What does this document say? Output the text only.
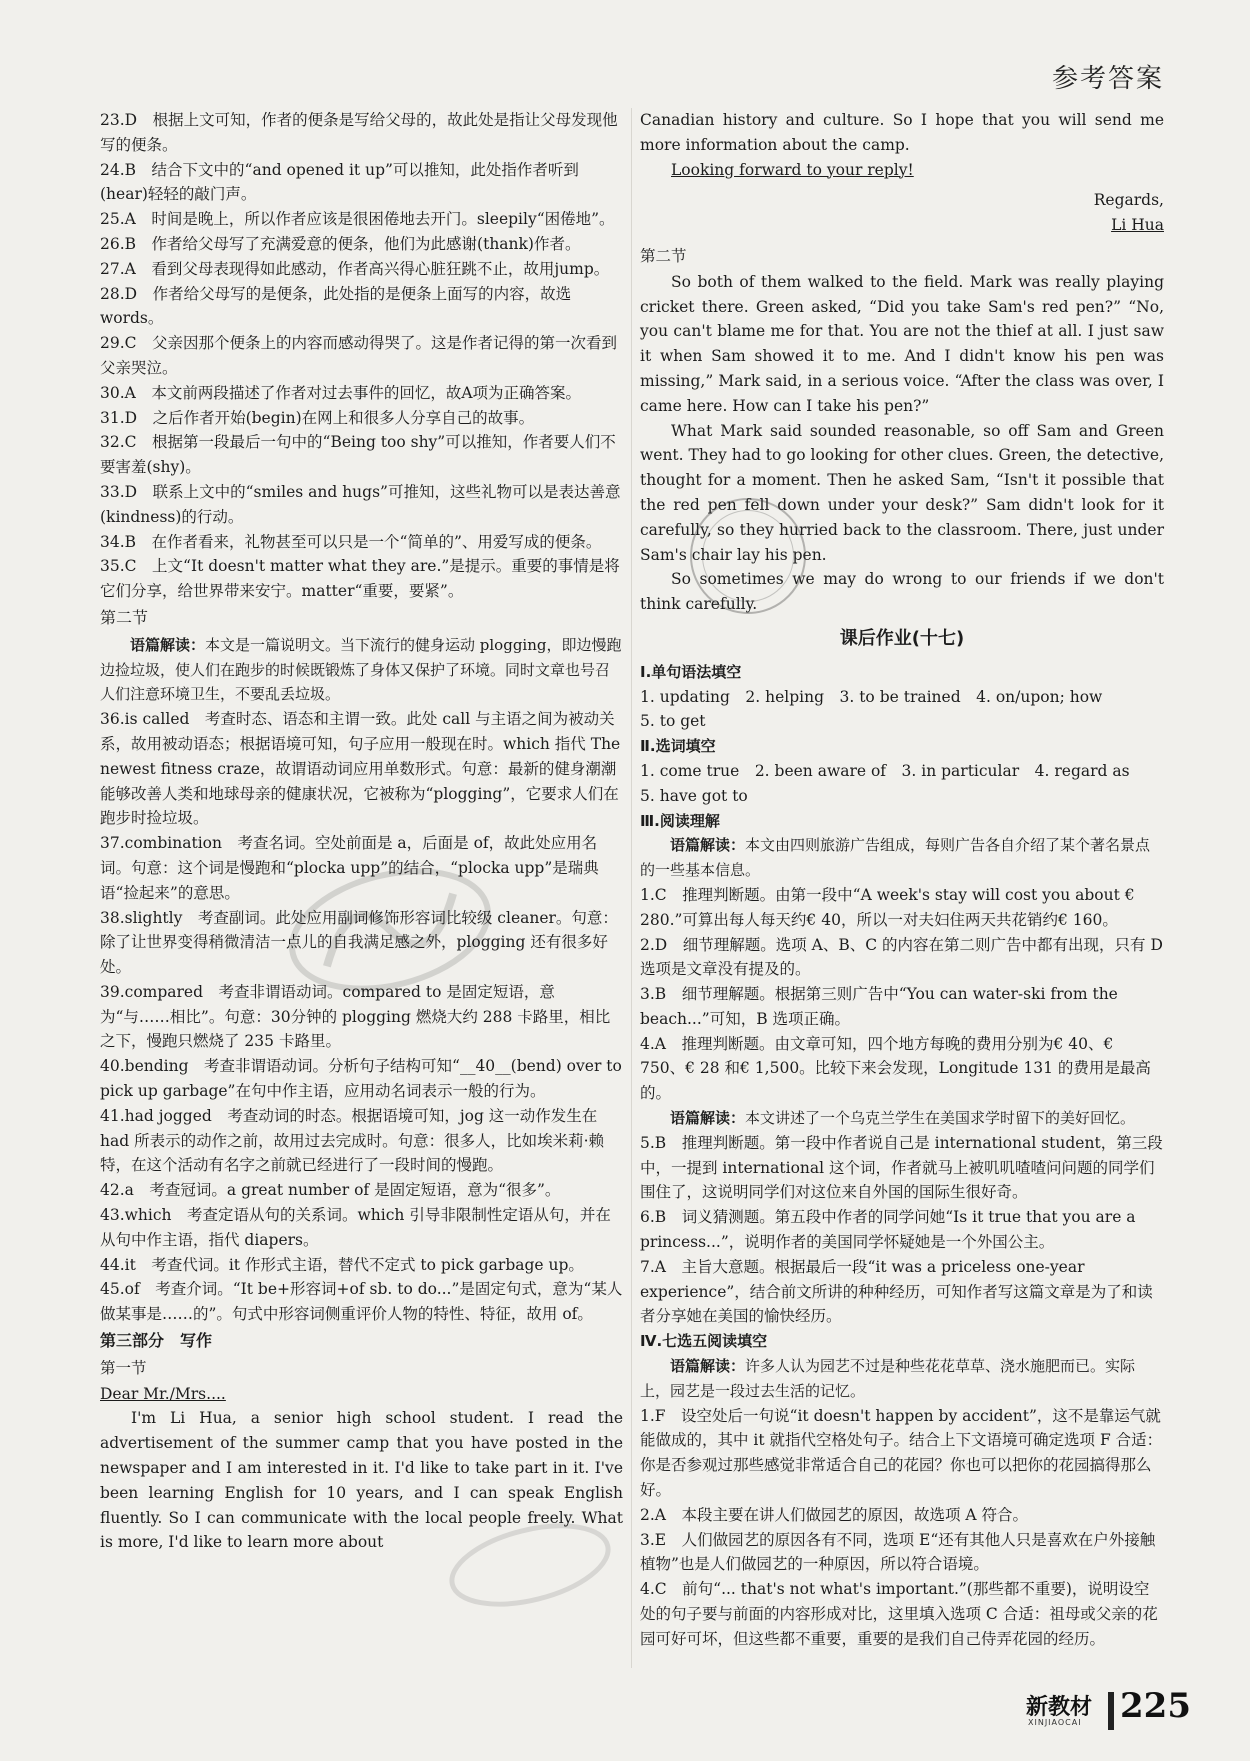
参考答案

23.D　根据上文可知，作者的便条是写给父母的，故此处是指让父母发现他写的便条。

24.B　结合下文中的“and opened it up”可以推知，此处指作者听到(hear)轻轻的敲门声。

25.A　时间是晚上，所以作者应该是很困倦地去开门。sleepily“困倦地”。

26.B　作者给父母写了充满爱意的便条，他们为此感谢(thank)作者。

27.A　看到父母表现得如此感动，作者高兴得心脏狂跳不止，故用jump。

28.D　作者给父母写的是便条，此处指的是便条上面写的内容，故选words。

29.C　父亲因那个便条上的内容而感动得哭了。这是作者记得的第一次看到父亲哭泣。

30.A　本文前两段描述了作者对过去事件的回忆，故A项为正确答案。

31.D　之后作者开始(begin)在网上和很多人分享自己的故事。

32.C　根据第一段最后一句中的“Being too shy”可以推知，作者要人们不要害羞(shy)。

33.D　联系上文中的“smiles and hugs”可推知，这些礼物可以是表达善意(kindness)的行动。

34.B　在作者看来，礼物甚至可以只是一个“简单的”、用爱写成的便条。

35.C　上文“It doesn't matter what they are.”是提示。重要的事情是将它们分享，给世界带来安宁。matter“重要，要紧”。

第二节
语篇解读：本文是一篇说明文。当下流行的健身运动 plogging，即边慢跑边捡垃圾，使人们在跑步的时候既锻炼了身体又保护了环境。同时文章也号召人们注意环境卫生，不要乱丢垃圾。

36.is called　考查时态、语态和主谓一致。此处 call 与主语之间为被动关系，故用被动语态；根据语境可知，句子应用一般现在时。which 指代 The newest fitness craze，故谓语动词应用单数形式。句意：最新的健身潮潮能够改善人类和地球母亲的健康状况，它被称为“plogging”，它要求人们在跑步时捡垃圾。

37.combination　考查名词。空处前面是 a，后面是 of，故此处应用名词。句意：这个词是慢跑和“plocka upp”的结合，“plocka upp”是瑞典语“捡起来”的意思。

38.slightly　考查副词。此处应用副词修饰形容词比较级 cleaner。句意：除了让世界变得稍微清洁一点儿的自我满足感之外，plogging 还有很多好处。

39.compared　考查非谓语动词。compared to 是固定短语，意为“与……相比”。句意：30分钟的 plogging 燃烧大约 288 卡路里，相比之下，慢跑只燃烧了 235 卡路里。

40.bending　考查非谓语动词。分析句子结构可知“__40__(bend) over to pick up garbage”在句中作主语，应用动名词表示一般的行为。

41.had jogged　考查动词的时态。根据语境可知，jog 这一动作发生在 had 所表示的动作之前，故用过去完成时。句意：很多人，比如埃米莉·赖特，在这个活动有名字之前就已经进行了一段时间的慢跑。

42.a　考查冠词。a great number of 是固定短语，意为“很多”。

43.which　考查定语从句的关系词。which 引导非限制性定语从句，并在从句中作主语，指代 diapers。

44.it　考查代词。it 作形式主语，替代不定式 to pick garbage up。

45.of　考查介词。“It be+形容词+of sb. to do...”是固定句式，意为“某人做某事是……的”。句式中形容词侧重评价人物的特性、特征，故用 of。

第三部分　写作
第一节

Dear Mr./Mrs....

I'm Li Hua, a senior high school student. I read the advertisement of the summer camp that you have posted in the newspaper and I am interested in it. I'd like to take part in it. I've been learning English for 10 years, and I can speak English fluently. So I can communicate with the local people freely. What is more, I'd like to learn more about

Canadian history and culture. So I hope that you will send me more information about the camp.

Looking forward to your reply!

Regards,

Li Hua

第二节

So both of them walked to the field. Mark was really playing cricket there. Green asked, “Did you take Sam's red pen?” “No, you can't blame me for that. You are not the thief at all. I just saw it when Sam showed it to me. And I didn't know his pen was missing,” Mark said, in a serious voice. “After the class was over, I came here. How can I take his pen?”

What Mark said sounded reasonable, so off Sam and Green went. They had to go looking for other clues. Green, the detective, thought for a moment. Then he asked Sam, “Isn't it possible that the red pen fell down under your desk?” Sam didn't look for it carefully, so they hurried back to the classroom. There, just under Sam's chair lay his pen.

So sometimes we may do wrong to our friends if we don't think carefully.

课后作业(十七)
Ⅰ.单句语法填空

1. updating　2. helping　3. to be trained　4. on/upon; how

5. to get

Ⅱ.选词填空

1. come true　2. been aware of　3. in particular　4. regard as

5. have got to

Ⅲ.阅读理解
语篇解读：本文由四则旅游广告组成，每则广告各自介绍了某个著名景点的一些基本信息。

1.C　推理判断题。由第一段中“A week's stay will cost you about € 280.”可算出每人每天约€ 40，所以一对夫妇住两天共花销约€ 160。

2.D　细节理解题。选项 A、B、C 的内容在第二则广告中都有出现，只有 D 选项是文章没有提及的。

3.B　细节理解题。根据第三则广告中“You can water-ski from the beach...”可知，B 选项正确。

4.A　推理判断题。由文章可知，四个地方每晚的费用分别为€ 40、€ 750、€ 28 和€ 1,500。比较下来会发现，Longitude 131 的费用是最高的。

语篇解读：本文讲述了一个乌克兰学生在美国求学时留下的美好回忆。

5.B　推理判断题。第一段中作者说自己是 international student，第三段中，一提到 international 这个词，作者就马上被叽叽喳喳问问题的同学们围住了，这说明同学们对这位来自外国的国际生很好奇。

6.B　词义猜测题。第五段中作者的同学问她“Is it true that you are a princess...”，说明作者的美国同学怀疑她是一个外国公主。

7.A　主旨大意题。根据最后一段“it was a priceless one-year experience”，结合前文所讲的种种经历，可知作者写这篇文章是为了和读者分享她在美国的愉快经历。

Ⅳ.七选五阅读填空
语篇解读：许多人认为园艺不过是种些花花草草、浇水施肥而已。实际上，园艺是一段过去生活的记忆。

1.F　设空处后一句说“it doesn't happen by accident”，这不是靠运气就能做成的，其中 it 就指代空格处句子。结合上下文语境可确定选项 F 合适：你是否参观过那些感觉非常适合自己的花园？你也可以把你的花园搞得那么好。

2.A　本段主要在讲人们做园艺的原因，故选项 A 符合。

3.E　人们做园艺的原因各有不同，选项 E“还有其他人只是喜欢在户外接触植物”也是人们做园艺的一种原因，所以符合语境。

4.C　前句“... that's not what's important.”(那些都不重要)，说明设空处的句子要与前面的内容形成对比，这里填入选项 C 合适：祖母或父亲的花园可好可坏，但这些都不重要，重要的是我们自己侍弄花园的经历。

新教材
XINJIAOCAI 225
